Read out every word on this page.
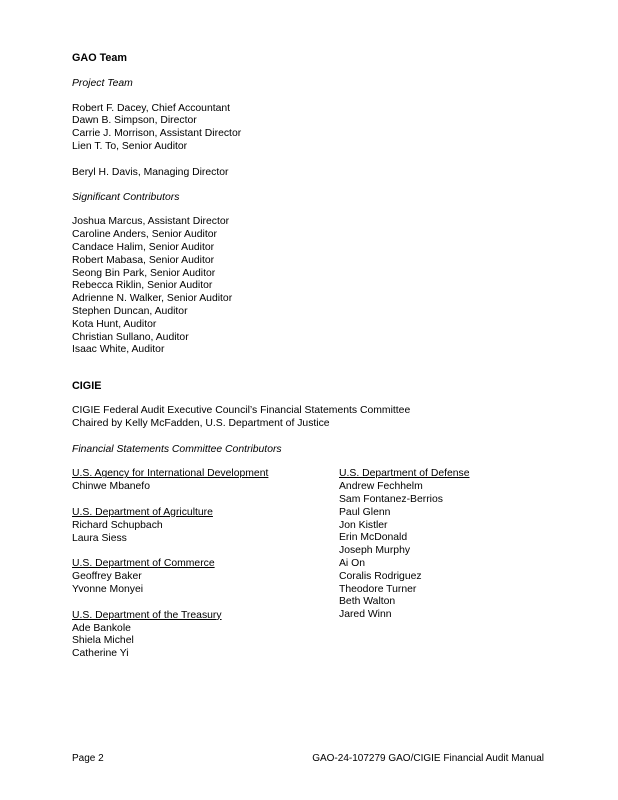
GAO Team
Project Team
Robert F. Dacey, Chief Accountant
Dawn B. Simpson, Director
Carrie J. Morrison, Assistant Director
Lien T. To, Senior Auditor
Beryl H. Davis, Managing Director
Significant Contributors
Joshua Marcus, Assistant Director
Caroline Anders, Senior Auditor
Candace Halim, Senior Auditor
Robert Mabasa, Senior Auditor
Seong Bin Park, Senior Auditor
Rebecca Riklin, Senior Auditor
Adrienne N. Walker, Senior Auditor
Stephen Duncan, Auditor
Kota Hunt, Auditor
Christian Sullano, Auditor
Isaac White, Auditor
CIGIE
CIGIE Federal Audit Executive Council’s Financial Statements Committee
Chaired by Kelly McFadden, U.S. Department of Justice
Financial Statements Committee Contributors
U.S. Agency for International Development
Chinwe Mbanefo
U.S. Department of Agriculture
Richard Schupbach
Laura Siess
U.S. Department of Commerce
Geoffrey Baker
Yvonne Monyei
U.S. Department of the Treasury
Ade Bankole
Shiela Michel
Catherine Yi
U.S. Department of Defense
Andrew Fechhelm
Sam Fontanez-Berrios
Paul Glenn
Jon Kistler
Erin McDonald
Joseph Murphy
Ai On
Coralis Rodriguez
Theodore Turner
Beth Walton
Jared Winn
Page 2	GAO-24-107279 GAO/CIGIE Financial Audit Manual
